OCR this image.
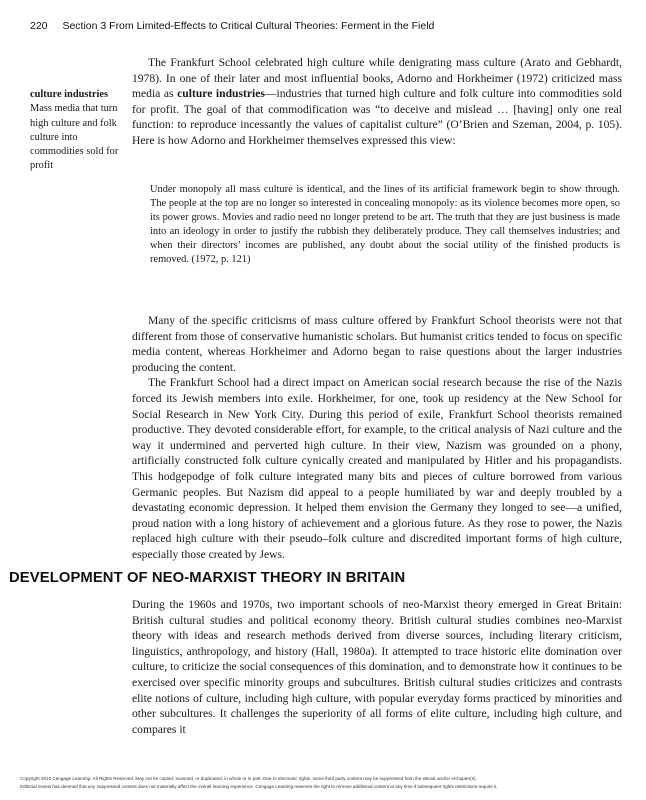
220 Section 3 From Limited-Effects to Critical Cultural Theories: Ferment in the Field
culture industries
Mass media that turn high culture and folk culture into commodities sold for profit

The Frankfurt School celebrated high culture while denigrating mass culture (Arato and Gebhardt, 1978). In one of their later and most influential books, Adorno and Horkheimer (1972) criticized mass media as culture industries—industries that turned high culture and folk culture into commodities sold for profit. The goal of that commodification was “to deceive and mislead … [having] only one real function: to reproduce incessantly the values of capitalist culture” (O’Brien and Szeman, 2004, p. 105). Here is how Adorno and Horkheimer themselves expressed this view:

Under monopoly all mass culture is identical, and the lines of its artificial framework begin to show through. The people at the top are no longer so interested in concealing monopoly: as its violence becomes more open, so its power grows. Movies and radio need no longer pretend to be art. The truth that they are just business is made into an ideology in order to justify the rubbish they deliberately produce. They call themselves industries; and when their directors’ incomes are published, any doubt about the social utility of the finished products is removed. (1972, p. 121)

Many of the specific criticisms of mass culture offered by Frankfurt School theorists were not that different from those of conservative humanistic scholars. But humanist critics tended to focus on specific media content, whereas Horkheimer and Adorno began to raise questions about the larger industries producing the content.

The Frankfurt School had a direct impact on American social research because the rise of the Nazis forced its Jewish members into exile. Horkheimer, for one, took up residency at the New School for Social Research in New York City. During this period of exile, Frankfurt School theorists remained productive. They devoted considerable effort, for example, to the critical analysis of Nazi culture and the way it undermined and perverted high culture. In their view, Nazism was grounded on a phony, artificially constructed folk culture cynically created and manipulated by Hitler and his propagandists. This hodgepodge of folk culture integrated many bits and pieces of culture borrowed from various Germanic peoples. But Nazism did appeal to a people humiliated by war and deeply troubled by a devastating economic depression. It helped them envision the Germany they longed to see—a unified, proud nation with a long history of achievement and a glorious future. As they rose to power, the Nazis replaced high culture with their pseudo–folk culture and discredited important forms of high culture, especially those created by Jews.

DEVELOPMENT OF NEO-MARXIST THEORY IN BRITAIN

During the 1960s and 1970s, two important schools of neo-Marxist theory emerged in Great Britain: British cultural studies and political economy theory. British cultural studies combines neo-Marxist theory with ideas and research methods derived from diverse sources, including literary criticism, linguistics, anthropology, and history (Hall, 1980a). It attempted to trace historic elite domination over culture, to criticize the social consequences of this domination, and to demonstrate how it continues to be exercised over specific minority groups and subcultures. British cultural studies criticizes and contrasts elite notions of culture, including high culture, with popular everyday forms practiced by minorities and other subcultures. It challenges the superiority of all forms of elite culture, including high culture, and compares it

Copyright 2010 Cengage Learning. All Rights Reserved. May not be copied, scanned, or duplicated, in whole or in part. Due to electronic rights, some third party content may be suppressed from the eBook and/or eChapter(s).
Editorial review has deemed that any suppressed content does not materially affect the overall learning experience. Cengage Learning reserves the right to remove additional content at any time if subsequent rights restrictions require it.
